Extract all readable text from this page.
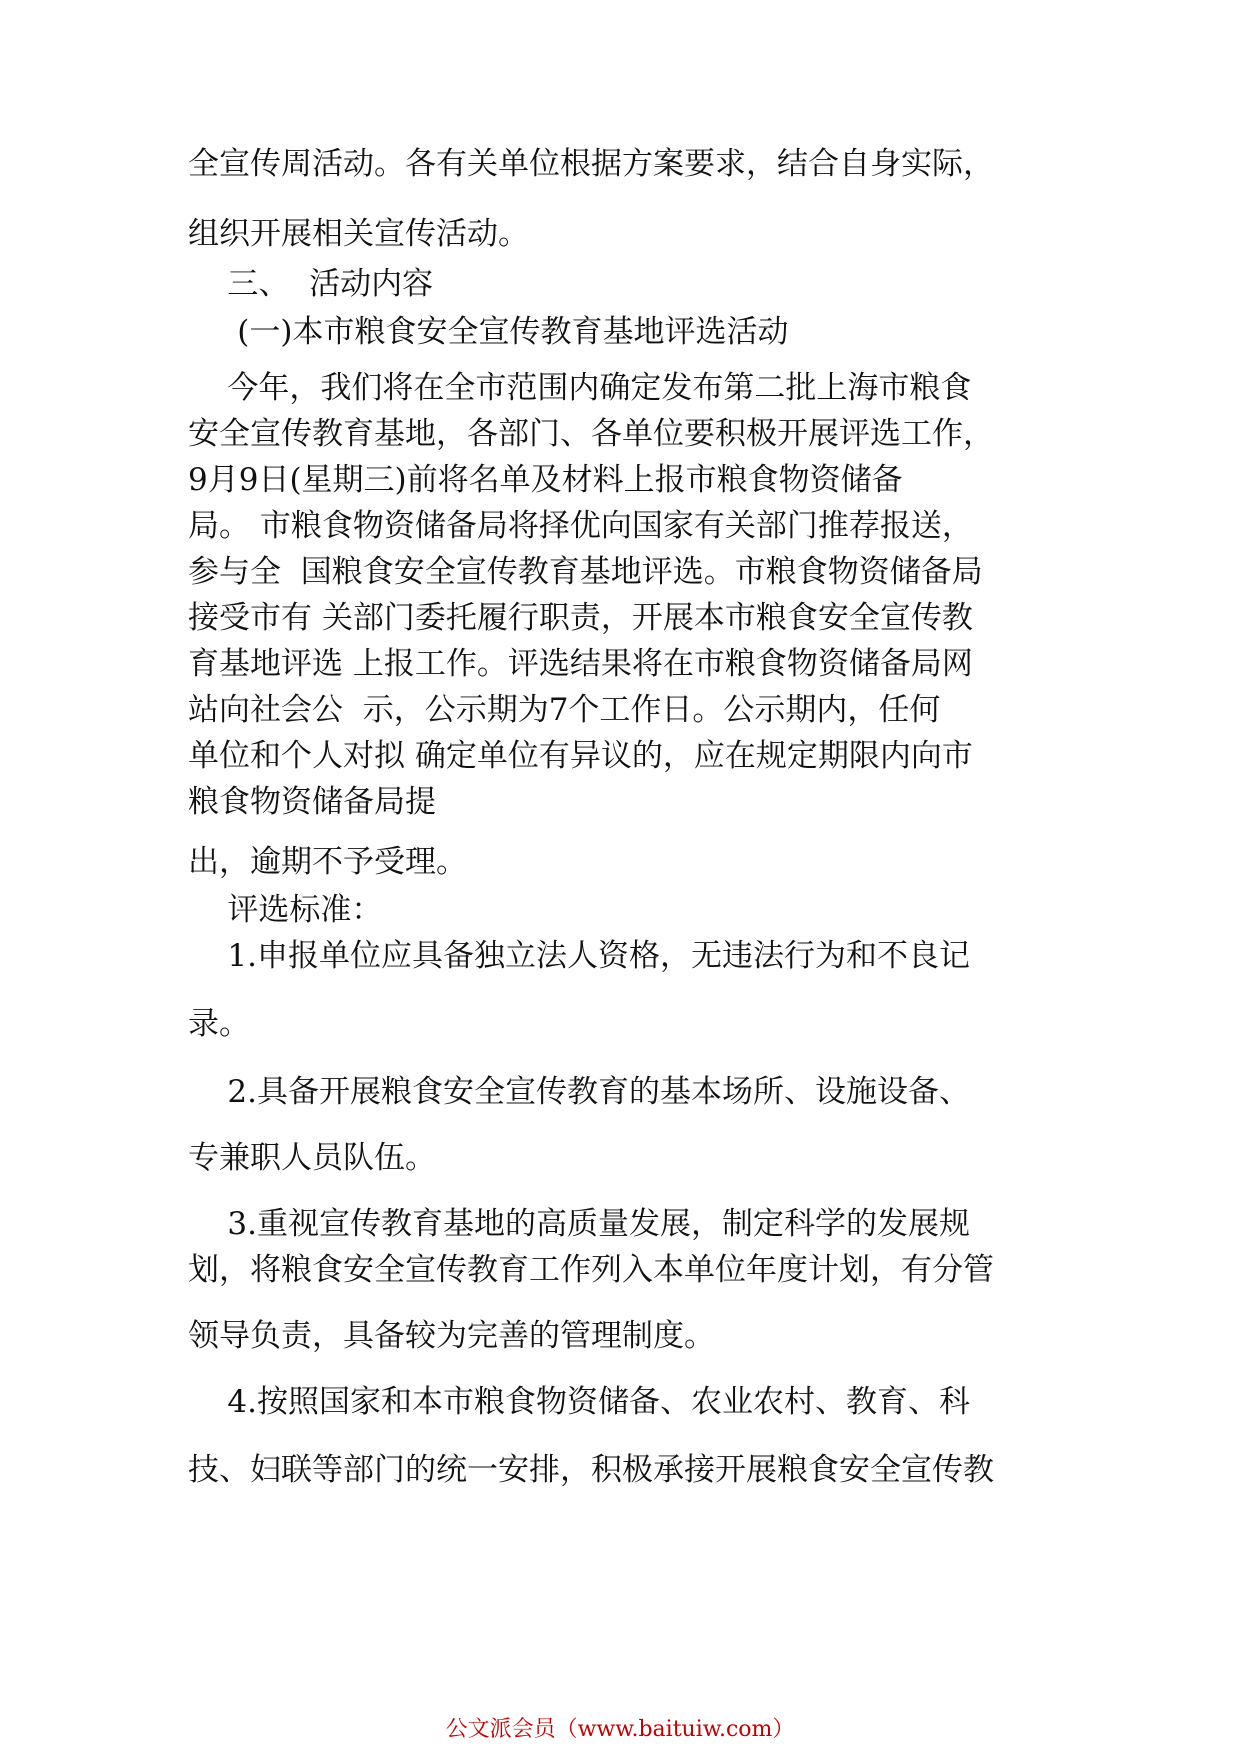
全宣传周活动。各有关单位根据方案要求，结合自身实际，
组织开展相关宣传活动。
三、  活动内容
(一)本市粮食安全宣传教育基地评选活动
今年，我们将在全市范围内确定发布第二批上海市粮食
安全宣传教育基地，各部门、各单位要积极开展评选工作，
9月9日(星期三)前将名单及材料上报市粮食物资储备
局。 市粮食物资储备局将择优向国家有关部门推荐报送，
参与全  国粮食安全宣传教育基地评选。市粮食物资储备局
接受市有 关部门委托履行职责，开展本市粮食安全宣传教
育基地评选 上报工作。评选结果将在市粮食物资储备局网
站向社会公  示，公示期为7个工作日。公示期内，任何
单位和个人对拟 确定单位有异议的，应在规定期限内向市
粮食物资储备局提
出，逾期不予受理。
评选标准：
1.申报单位应具备独立法人资格，无违法行为和不良记
录。
2.具备开展粮食安全宣传教育的基本场所、设施设备、
专兼职人员队伍。
3.重视宣传教育基地的高质量发展，制定科学的发展规
划，将粮食安全宣传教育工作列入本单位年度计划，有分管
领导负责，具备较为完善的管理制度。
4.按照国家和本市粮食物资储备、农业农村、教育、科
技、妇联等部门的统一安排，积极承接开展粮食安全宣传教
公文派会员（www.baituiw.com）
